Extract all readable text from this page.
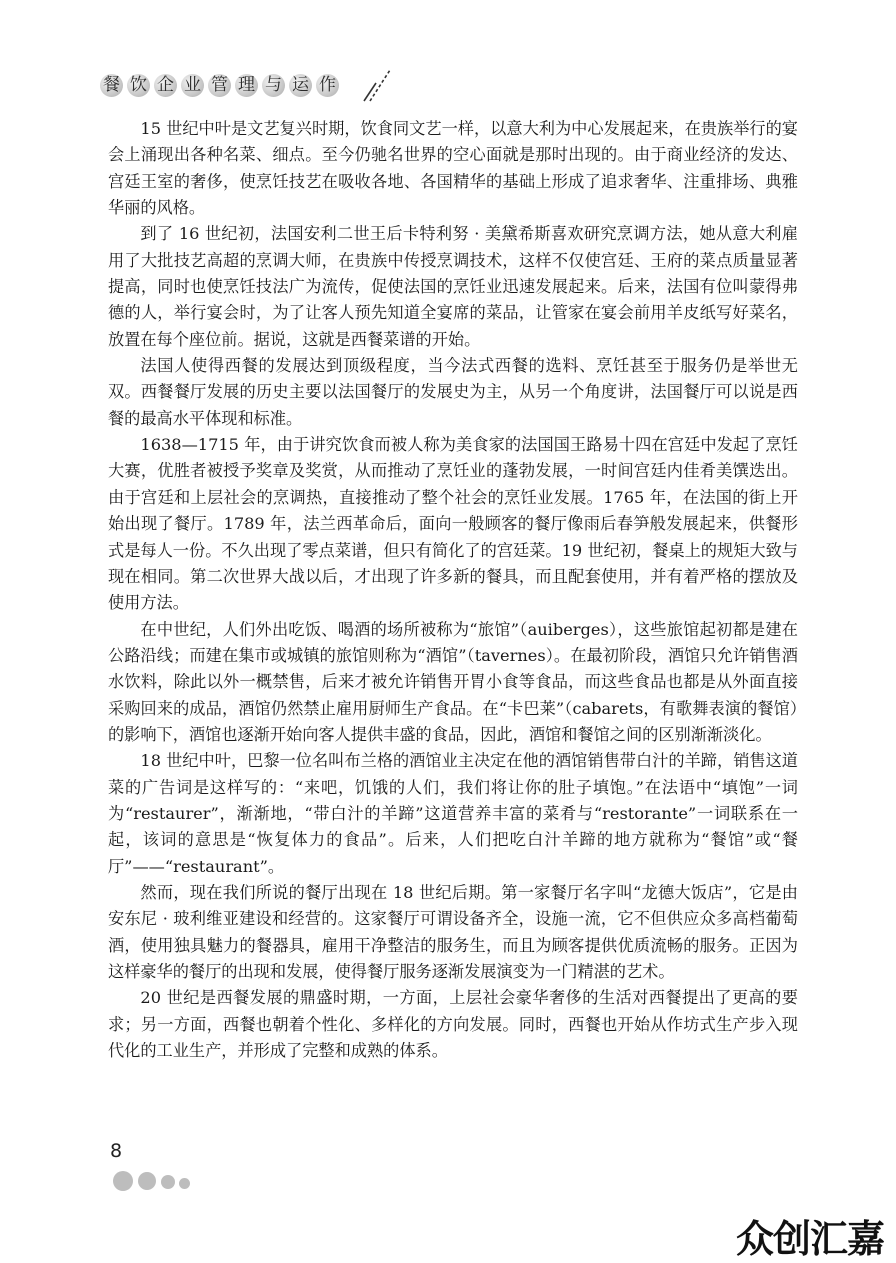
餐 饮 企 业 管 理 与 运 作

15 世纪中叶是文艺复兴时期，饮食同文艺一样，以意大利为中心发展起来，在贵族举行的宴会上涌现出各种名菜、细点。至今仍驰名世界的空心面就是那时出现的。由于商业经济的发达、宫廷王室的奢侈，使烹饪技艺在吸收各地、各国精华的基础上形成了追求奢华、注重排场、典雅华丽的风格。

到了 16 世纪初，法国安利二世王后卡特利努 · 美黛希斯喜欢研究烹调方法，她从意大利雇用了大批技艺高超的烹调大师，在贵族中传授烹调技术，这样不仅使宫廷、王府的菜点质量显著提高，同时也使烹饪技法广为流传，促使法国的烹饪业迅速发展起来。后来，法国有位叫蒙得弗德的人，举行宴会时，为了让客人预先知道全宴席的菜品，让管家在宴会前用羊皮纸写好菜名，放置在每个座位前。据说，这就是西餐菜谱的开始。

法国人使得西餐的发展达到顶级程度，当今法式西餐的选料、烹饪甚至于服务仍是举世无双。西餐餐厅发展的历史主要以法国餐厅的发展史为主，从另一个角度讲，法国餐厅可以说是西餐的最高水平体现和标准。

1638—1715 年，由于讲究饮食而被人称为美食家的法国国王路易十四在宫廷中发起了烹饪大赛，优胜者被授予奖章及奖赏，从而推动了烹饪业的蓬勃发展，一时间宫廷内佳肴美馔迭出。由于宫廷和上层社会的烹调热，直接推动了整个社会的烹饪业发展。1765 年，在法国的街上开始出现了餐厅。1789 年，法兰西革命后，面向一般顾客的餐厅像雨后春笋般发展起来，供餐形式是每人一份。不久出现了零点菜谱，但只有简化了的宫廷菜。19 世纪初，餐桌上的规矩大致与现在相同。第二次世界大战以后，才出现了许多新的餐具，而且配套使用，并有着严格的摆放及使用方法。

在中世纪，人们外出吃饭、喝酒的场所被称为“旅馆”（auiberges），这些旅馆起初都是建在公路沿线；而建在集市或城镇的旅馆则称为“酒馆”（tavernes）。在最初阶段，酒馆只允许销售酒水饮料，除此以外一概禁售，后来才被允许销售开胃小食等食品，而这些食品也都是从外面直接采购回来的成品，酒馆仍然禁止雇用厨师生产食品。在“卡巴莱”（cabarets，有歌舞表演的餐馆）的影响下，酒馆也逐渐开始向客人提供丰盛的食品，因此，酒馆和餐馆之间的区别渐渐淡化。

18 世纪中叶，巴黎一位名叫布兰格的酒馆业主决定在他的酒馆销售带白汁的羊蹄，销售这道菜的广告词是这样写的：“来吧，饥饿的人们，我们将让你的肚子填饱。”在法语中“填饱”一词为“restaurer”，渐渐地，“带白汁的羊蹄”这道营养丰富的菜肴与“restorante”一词联系在一起，该词的意思是“恢复体力的食品”。后来，人们把吃白汁羊蹄的地方就称为“餐馆”或“餐厅”——“restaurant”。

然而，现在我们所说的餐厅出现在 18 世纪后期。第一家餐厅名字叫“龙德大饭店”，它是由安东尼 · 玻利维亚建设和经营的。这家餐厅可谓设备齐全，设施一流，它不但供应众多高档葡萄酒，使用独具魅力的餐器具，雇用干净整洁的服务生，而且为顾客提供优质流畅的服务。正因为这样豪华的餐厅的出现和发展，使得餐厅服务逐渐发展演变为一门精湛的艺术。

20 世纪是西餐发展的鼎盛时期，一方面，上层社会豪华奢侈的生活对西餐提出了更高的要求；另一方面，西餐也朝着个性化、多样化的方向发展。同时，西餐也开始从作坊式生产步入现代化的工业生产，并形成了完整和成熟的体系。

8
众创汇嘉
